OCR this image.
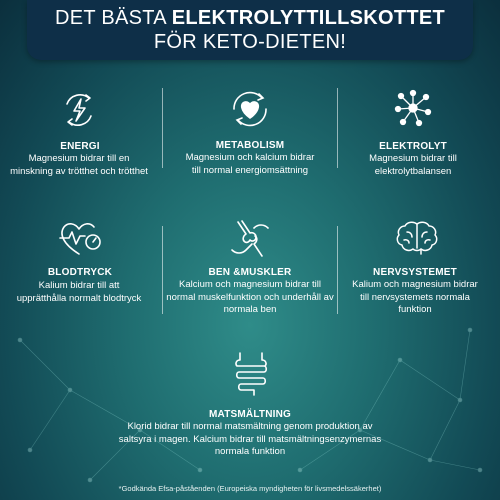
DET BÄSTA ELEKTROLYTTILLSKOTTET
FÖR KETO-DIETEN!
ENERGI
Magnesium bidrar till en minskning av trötthet och trötthet
METABOLISM
Magnesium och kalcium bidrar till normal energiomsättning
ELEKTROLYT
Magnesium bidrar till elektrolytbalansen
BLODTRYCK
Kalium bidrar till att upprätthålla normalt blodtryck
BEN &MUSKLER
Kalcium och magnesium bidrar till normal muskelfunktion och underhåll av normala ben
NERVSYSTEMET
Kalium och magnesium bidrar till nervsystemets normala funktion
MATSMÄLTNING
Klorid bidrar till normal matsmältning genom produktion av saltsyra i magen. Kalcium bidrar till matsmältningsenzymernas normala funktion
*Godkända Efsa-påståenden (Europeiska myndigheten för livsmedelssäkerhet)
